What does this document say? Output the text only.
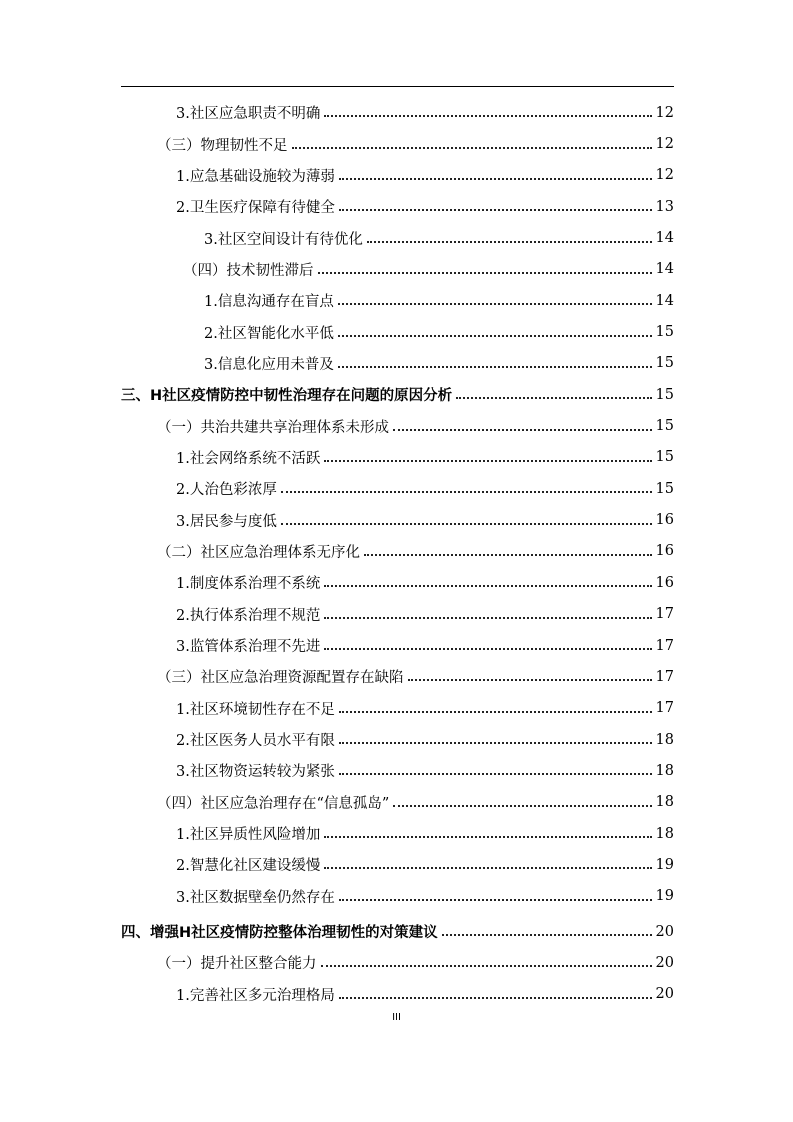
3.社区应急职责不明确	12
（三）物理韧性不足	12
1.应急基础设施较为薄弱	12
2.卫生医疗保障有待健全	13
3.社区空间设计有待优化	14
（四）技术韧性滞后	14
1.信息沟通存在盲点	14
2.社区智能化水平低	15
3.信息化应用未普及	15
三、H社区疫情防控中韧性治理存在问题的原因分析	15
（一）共治共建共享治理体系未形成	15
1.社会网络系统不活跃	15
2.人治色彩浓厚	15
3.居民参与度低	16
（二）社区应急治理体系无序化	16
1.制度体系治理不系统	16
2.执行体系治理不规范	17
3.监管体系治理不先进	17
（三）社区应急治理资源配置存在缺陷	17
1.社区环境韧性存在不足	17
2.社区医务人员水平有限	18
3.社区物资运转较为紧张	18
（四）社区应急治理存在“信息孤岛”	18
1.社区异质性风险增加	18
2.智慧化社区建设缓慢	19
3.社区数据壁垒仍然存在	19
四、增强H社区疫情防控整体治理韧性的对策建议	20
（一）提升社区整合能力	20
1.完善社区多元治理格局	20
III
